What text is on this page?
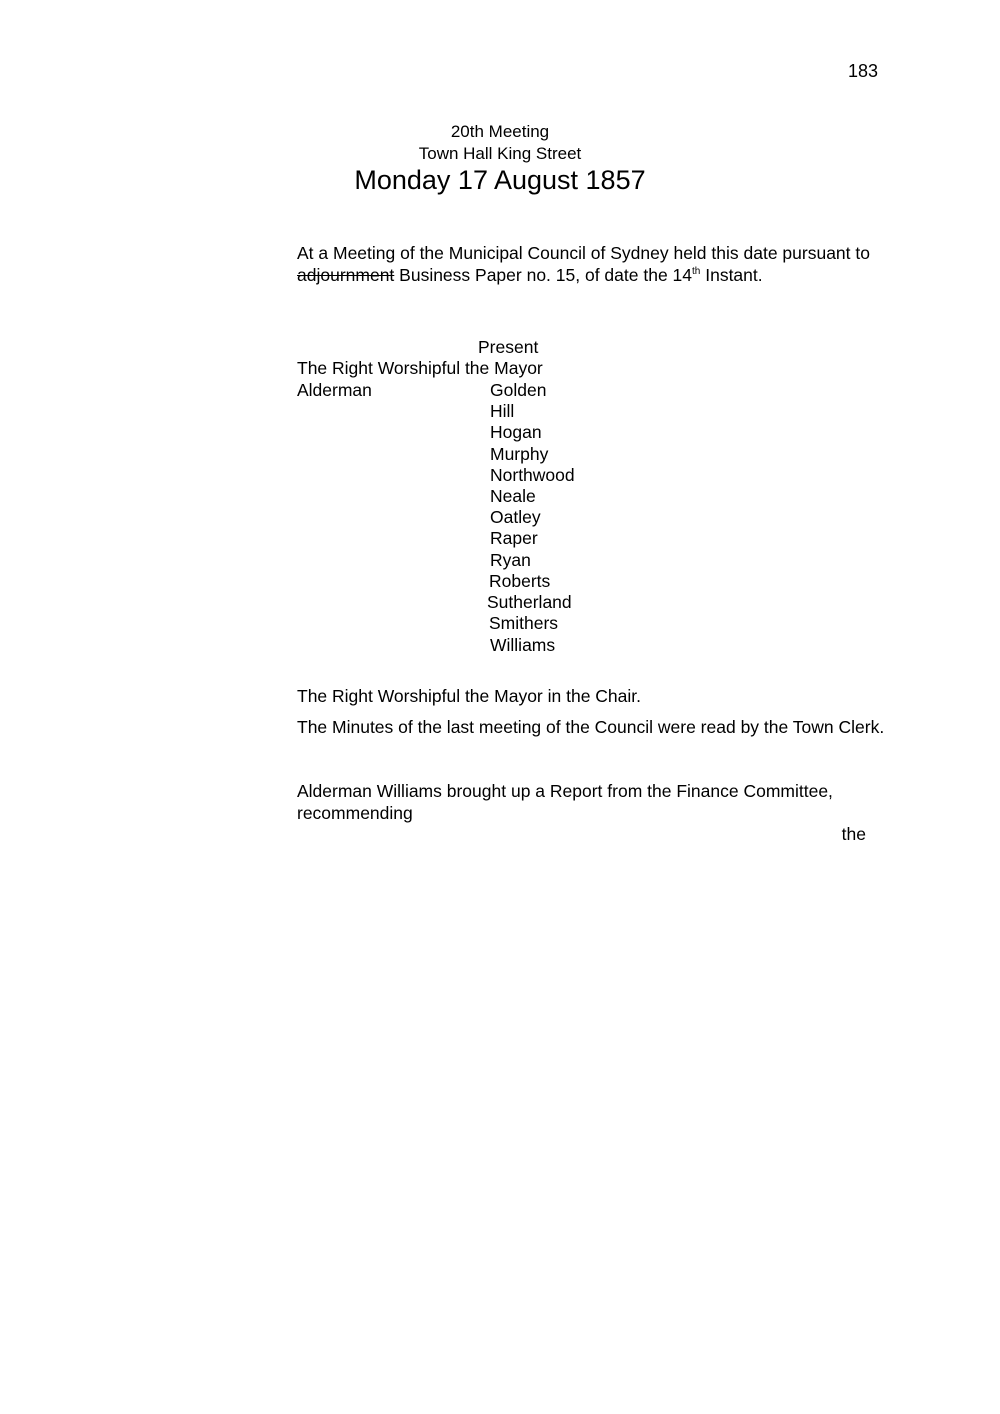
183
20th Meeting
Town Hall King Street
Monday 17 August 1857
At a Meeting of the Municipal Council of Sydney held this date pursuant to
adjournment Business Paper no. 15, of date the 14th Instant.
Present
The Right Worshipful the Mayor
Alderman	Golden
Hill
Hogan
Murphy
Northwood
Neale
Oatley
Raper
Ryan
Roberts
Sutherland
Smithers
Williams
The Right Worshipful the Mayor in the Chair.
The Minutes of the last meeting of the Council were read by the Town Clerk.
Alderman Williams brought up a Report from the Finance Committee, recommending
the
